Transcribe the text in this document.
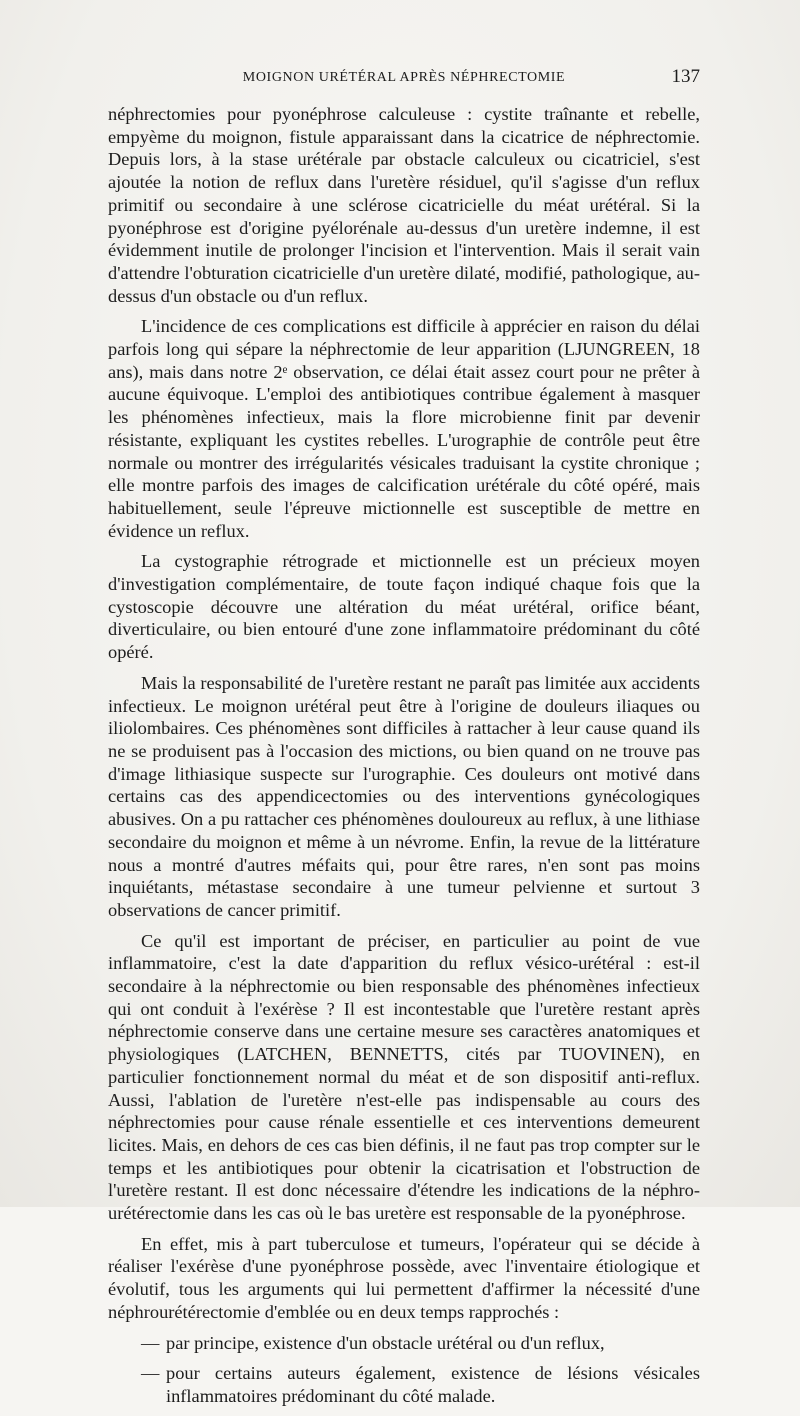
MOIGNON URÉTÉRAL APRÈS NÉPHRECTOMIE	137

néphrectomies pour pyonéphrose calculeuse : cystite traînante et rebelle, empyème du moignon, fistule apparaissant dans la cicatrice de néphrectomie. Depuis lors, à la stase urétérale par obstacle calculeux ou cicatriciel, s'est ajoutée la notion de reflux dans l'uretère résiduel, qu'il s'agisse d'un reflux primitif ou secondaire à une sclérose cicatricielle du méat urétéral. Si la pyonéphrose est d'origine pyélorénale au-dessus d'un uretère indemne, il est évidemment inutile de prolonger l'incision et l'intervention. Mais il serait vain d'attendre l'obturation cicatricielle d'un uretère dilaté, modifié, pathologique, au-dessus d'un obstacle ou d'un reflux.

L'incidence de ces complications est difficile à apprécier en raison du délai parfois long qui sépare la néphrectomie de leur apparition (LJUNGREEN, 18 ans), mais dans notre 2ᵉ observation, ce délai était assez court pour ne prêter à aucune équivoque. L'emploi des antibiotiques contribue également à masquer les phénomènes infectieux, mais la flore microbienne finit par devenir résistante, expliquant les cystites rebelles. L'urographie de contrôle peut être normale ou montrer des irrégularités vésicales traduisant la cystite chronique ; elle montre parfois des images de calcification urétérale du côté opéré, mais habituellement, seule l'épreuve mictionnelle est susceptible de mettre en évidence un reflux.

La cystographie rétrograde et mictionnelle est un précieux moyen d'investigation complémentaire, de toute façon indiqué chaque fois que la cystoscopie découvre une altération du méat urétéral, orifice béant, diverticulaire, ou bien entouré d'une zone inflammatoire prédominant du côté opéré.

Mais la responsabilité de l'uretère restant ne paraît pas limitée aux accidents infectieux. Le moignon urétéral peut être à l'origine de douleurs iliaques ou iliolombaires. Ces phénomènes sont difficiles à rattacher à leur cause quand ils ne se produisent pas à l'occasion des mictions, ou bien quand on ne trouve pas d'image lithiasique suspecte sur l'urographie. Ces douleurs ont motivé dans certains cas des appendicectomies ou des interventions gynécologiques abusives. On a pu rattacher ces phénomènes douloureux au reflux, à une lithiase secondaire du moignon et même à un névrome. Enfin, la revue de la littérature nous a montré d'autres méfaits qui, pour être rares, n'en sont pas moins inquiétants, métastase secondaire à une tumeur pelvienne et surtout 3 observations de cancer primitif.

Ce qu'il est important de préciser, en particulier au point de vue inflammatoire, c'est la date d'apparition du reflux vésico-urétéral : est-il secondaire à la néphrectomie ou bien responsable des phénomènes infectieux qui ont conduit à l'exérèse ? Il est incontestable que l'uretère restant après néphrectomie conserve dans une certaine mesure ses caractères anatomiques et physiologiques (LATCHEN, BENNETTS, cités par TUOVINEN), en particulier fonctionnement normal du méat et de son dispositif anti-reflux. Aussi, l'ablation de l'uretère n'est-elle pas indispensable au cours des néphrectomies pour cause rénale essentielle et ces interventions demeurent licites. Mais, en dehors de ces cas bien définis, il ne faut pas trop compter sur le temps et les antibiotiques pour obtenir la cicatrisation et l'obstruction de l'uretère restant. Il est donc nécessaire d'étendre les indications de la néphro-urétérectomie dans les cas où le bas uretère est responsable de la pyonéphrose.

En effet, mis à part tuberculose et tumeurs, l'opérateur qui se décide à réaliser l'exérèse d'une pyonéphrose possède, avec l'inventaire étiologique et évolutif, tous les arguments qui lui permettent d'affirmer la nécessité d'une néphrourétérectomie d'emblée ou en deux temps rapprochés :

— par principe, existence d'un obstacle urétéral ou d'un reflux,
— pour certains auteurs également, existence de lésions vésicales inflammatoires prédominant du côté malade.
